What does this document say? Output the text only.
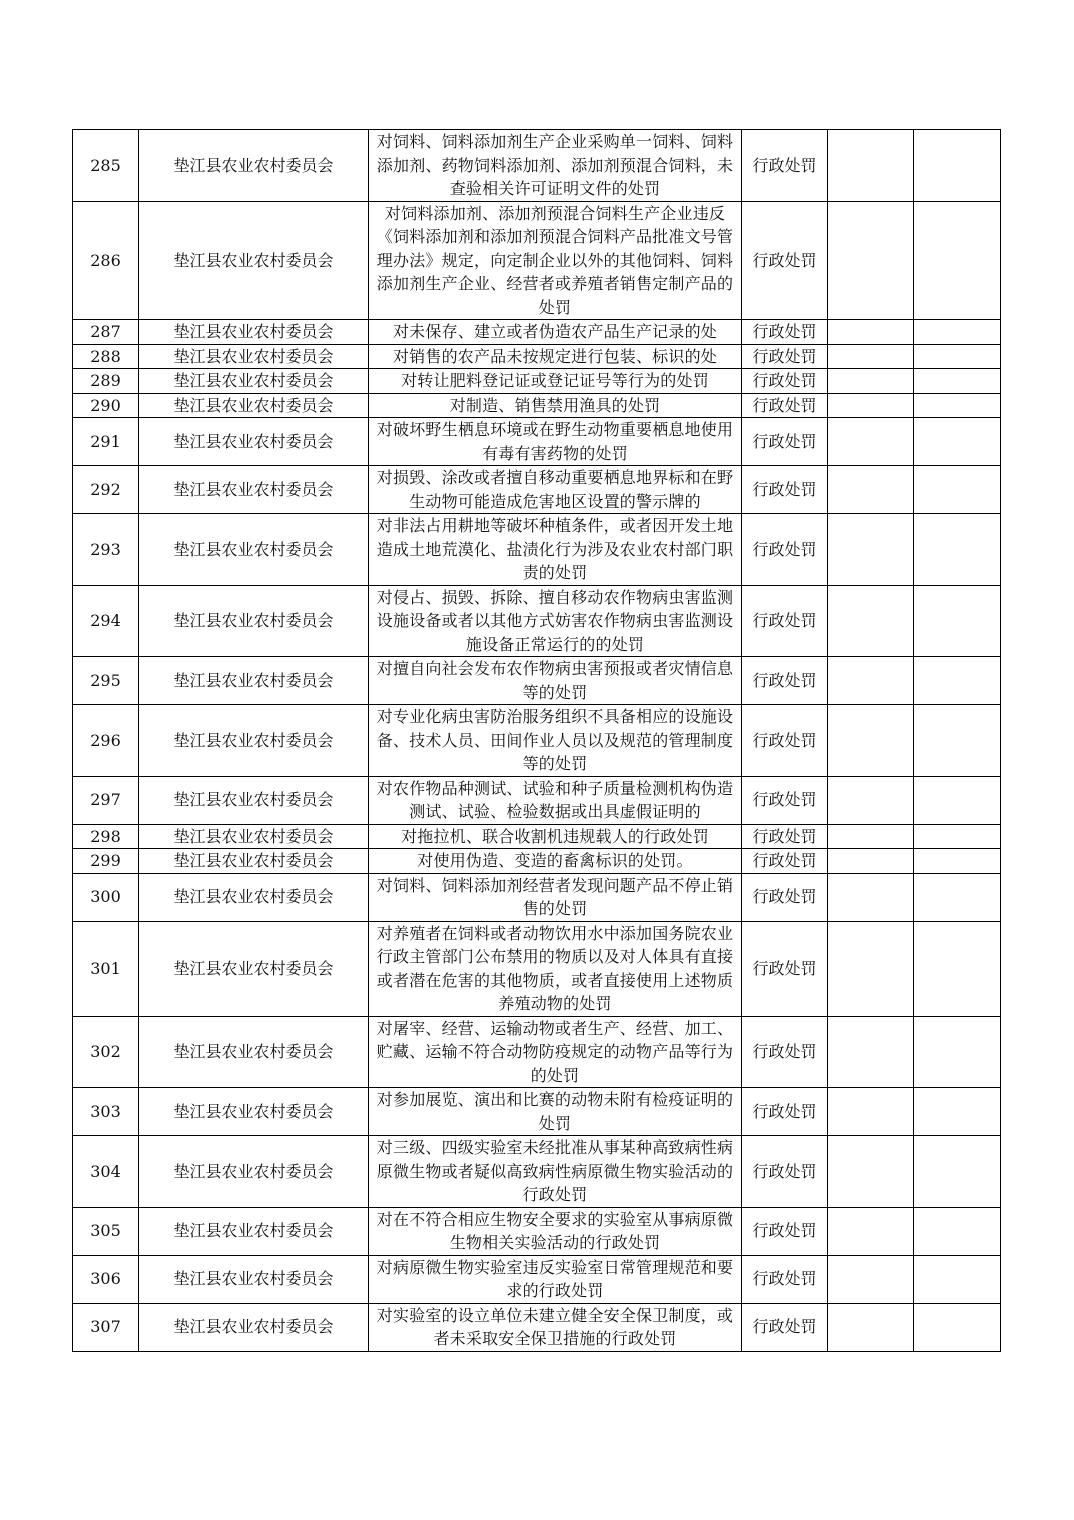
285	垫江县农业农村委员会	对饲料、饲料添加剂生产企业采购单一饲料、饲料添加剂、药物饲料添加剂、添加剂预混合饲料，未查验相关许可证明文件的处罚	行政处罚		
286	垫江县农业农村委员会	对饲料添加剂、添加剂预混合饲料生产企业违反《饲料添加剂和添加剂预混合饲料产品批准文号管理办法》规定，向定制企业以外的其他饲料、饲料添加剂生产企业、经营者或养殖者销售定制产品的处罚	行政处罚		
287	垫江县农业农村委员会	对未保存、建立或者伪造农产品生产记录的处	行政处罚		
288	垫江县农业农村委员会	对销售的农产品未按规定进行包装、标识的处	行政处罚		
289	垫江县农业农村委员会	对转让肥料登记证或登记证号等行为的处罚	行政处罚		
290	垫江县农业农村委员会	对制造、销售禁用渔具的处罚	行政处罚		
291	垫江县农业农村委员会	对破坏野生栖息环境或在野生动物重要栖息地使用有毒有害药物的处罚	行政处罚		
292	垫江县农业农村委员会	对损毁、涂改或者擅自移动重要栖息地界标和在野生动物可能造成危害地区设置的警示牌的	行政处罚		
293	垫江县农业农村委员会	对非法占用耕地等破坏种植条件，或者因开发土地造成土地荒漠化、盐渍化行为涉及农业农村部门职责的处罚	行政处罚		
294	垫江县农业农村委员会	对侵占、损毁、拆除、擅自移动农作物病虫害监测设施设备或者以其他方式妨害农作物病虫害监测设施设备正常运行的的处罚	行政处罚		
295	垫江县农业农村委员会	对擅自向社会发布农作物病虫害预报或者灾情信息等的处罚	行政处罚		
296	垫江县农业农村委员会	对专业化病虫害防治服务组织不具备相应的设施设备、技术人员、田间作业人员以及规范的管理制度等的处罚	行政处罚		
297	垫江县农业农村委员会	对农作物品种测试、试验和种子质量检测机构伪造测试、试验、检验数据或出具虚假证明的	行政处罚		
298	垫江县农业农村委员会	对拖拉机、联合收割机违规载人的行政处罚	行政处罚		
299	垫江县农业农村委员会	对使用伪造、变造的畜禽标识的处罚。	行政处罚		
300	垫江县农业农村委员会	对饲料、饲料添加剂经营者发现问题产品不停止销售的处罚	行政处罚		
301	垫江县农业农村委员会	对养殖者在饲料或者动物饮用水中添加国务院农业行政主管部门公布禁用的物质以及对人体具有直接或者潜在危害的其他物质，或者直接使用上述物质养殖动物的处罚	行政处罚		
302	垫江县农业农村委员会	对屠宰、经营、运输动物或者生产、经营、加工、贮藏、运输不符合动物防疫规定的动物产品等行为的处罚	行政处罚		
303	垫江县农业农村委员会	对参加展览、演出和比赛的动物未附有检疫证明的处罚	行政处罚		
304	垫江县农业农村委员会	对三级、四级实验室未经批准从事某种高致病性病原微生物或者疑似高致病性病原微生物实验活动的行政处罚	行政处罚		
305	垫江县农业农村委员会	对在不符合相应生物安全要求的实验室从事病原微生物相关实验活动的行政处罚	行政处罚		
306	垫江县农业农村委员会	对病原微生物实验室违反实验室日常管理规范和要求的行政处罚	行政处罚		
307	垫江县农业农村委员会	对实验室的设立单位未建立健全安全保卫制度，或者未采取安全保卫措施的行政处罚	行政处罚		
